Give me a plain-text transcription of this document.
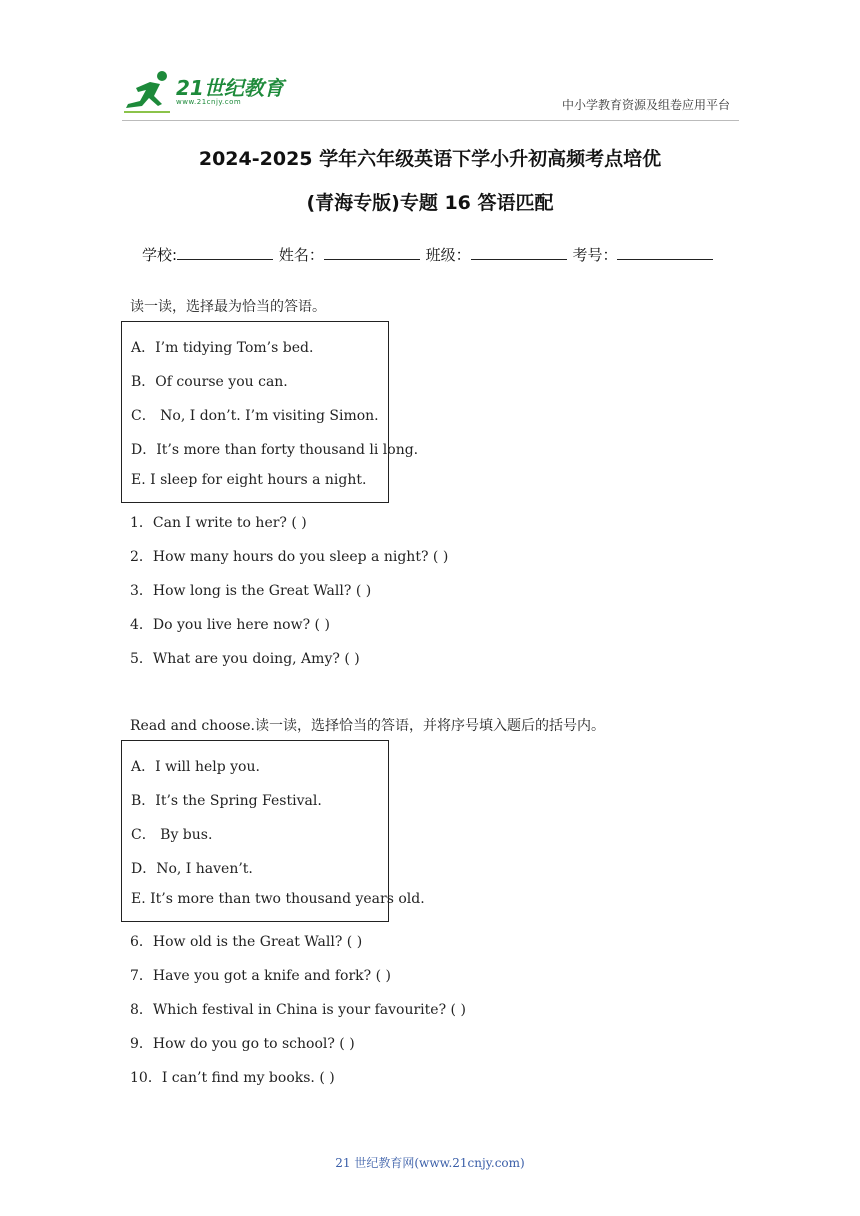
21世纪教育
www.21cnjy.com	中小学教育资源及组卷应用平台
2024-2025 学年六年级英语下学小升初高频考点培优
(青海专版)专题 16 答语匹配
学校:	姓名：	班级：	考号：
读一读，选择最为恰当的答语。
A．I’m tidying Tom’s bed.
B．Of course you can.
C． No, I don’t. I’m visiting Simon.
D．It’s more than forty thousand li long.
E. I sleep for eight hours a night.
1．Can I write to her? ( )
2．How many hours do you sleep a night? ( )
3．How long is the Great Wall? ( )
4．Do you live here now? ( )
5．What are you doing, Amy? ( )
Read and choose.读一读，选择恰当的答语，并将序号填入题后的括号内。
A．I will help you.
B．It’s the Spring Festival.
C． By bus.
D．No, I haven’t.
E. It’s more than two thousand years old.
6．How old is the Great Wall? ( )
7．Have you got a knife and fork? ( )
8．Which festival in China is your favourite? ( )
9．How do you go to school? ( )
10．I can’t find my books. ( )
21 世纪教育网(www.21cnjy.com)
